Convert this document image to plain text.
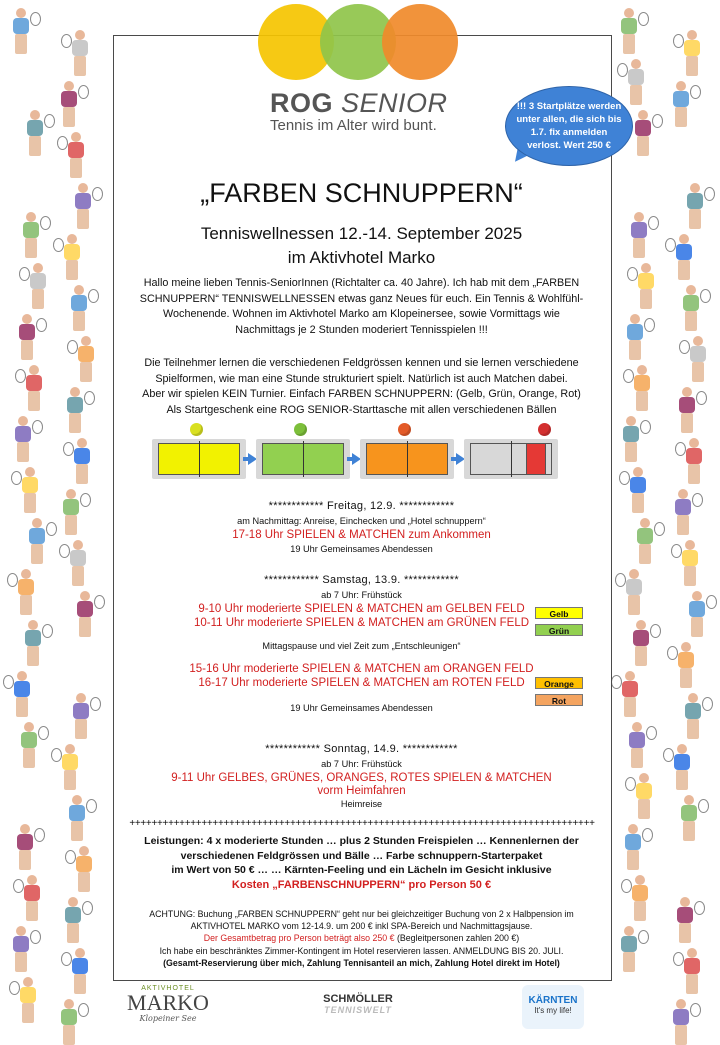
ROG SENIOR
Tennis im Alter wird bunt.
!!! 3 Startplätze werden unter allen, die sich bis 1.7. fix anmelden verlost. Wert 250 €
„FARBEN SCHNUPPERN“
Tenniswellnessen 12.-14. September 2025
im Aktivhotel Marko
Hallo meine lieben Tennis-SeniorInnen (Richtalter ca. 40 Jahre). Ich hab mit dem „FARBEN
SCHNUPPERN“ TENNISWELLNESSEN etwas ganz Neues für euch. Ein Tennis & Wohlfühl-
Wochenende. Wohnen im Aktivhotel Marko am Klopeinersee, sowie Vormittags wie
Nachmittags je 2 Stunden moderiert Tennisspielen !!!
Die Teilnehmer lernen die verschiedenen Feldgrössen kennen und sie lernen verschiedene
Spielformen, wie man eine Stunde strukturiert spielt. Natürlich ist auch Matchen dabei.
Aber wir spielen KEIN Turnier. Einfach FARBEN SCHNUPPERN: (Gelb, Grün, Orange, Rot)
Als Startgeschenk eine ROG SENIOR-Starttasche mit allen verschiedenen Bällen
************ Freitag, 12.9. ************
am Nachmittag: Anreise, Einchecken und „Hotel schnuppern“
17-18 Uhr SPIELEN & MATCHEN zum Ankommen
19 Uhr Gemeinsames Abendessen
************ Samstag, 13.9. ************
ab 7 Uhr: Frühstück
9-10 Uhr moderierte SPIELEN & MATCHEN am GELBEN FELD
10-11 Uhr moderierte SPIELEN & MATCHEN am GRÜNEN FELD
Mittagspause und viel Zeit zum „Entschleunigen“
15-16 Uhr moderierte SPIELEN & MATCHEN am ORANGEN FELD
16-17 Uhr moderierte SPIELEN & MATCHEN am ROTEN FELD
19 Uhr Gemeinsames Abendessen
Gelb
Grün
Orange
Rot
************ Sonntag, 14.9. ************
ab 7 Uhr: Frühstück
9-11 Uhr GELBES, GRÜNES, ORANGES, ROTES SPIELEN & MATCHEN
vorm Heimfahren
Heimreise
++++++++++++++++++++++++++++++++++++++++++++++++++++++++++++++++++++++++++++++++++++
Leistungen: 4 x moderierte Stunden … plus 2 Stunden Freispielen … Kennenlernen der
verschiedenen Feldgrössen und Bälle … Farbe schnuppern-Starterpaket
im Wert von 50 € … … Kärnten-Feeling und ein Lächeln im Gesicht inklusive
Kosten „FARBENSCHNUPPERN“ pro Person 50 €
ACHTUNG: Buchung „FARBEN SCHNUPPERN“ geht nur bei gleichzeitiger Buchung von 2 x Halbpension im
AKTIVHOTEL MARKO vom 12-14.9. um 200 € inkl SPA-Bereich und Nachmittagsjause.
Der Gesamtbetrag pro Person beträgt also 250 € (Begleitpersonen zahlen 200 €)
Ich habe ein beschränktes Zimmer-Kontingent im Hotel reservieren lassen. ANMELDUNG BIS 20. JULI.
(Gesamt-Reservierung über mich, Zahlung Tennisanteil an mich, Zahlung Hotel direkt im Hotel)
AKTIVHOTEL
MARKO
Klopeiner See
SCHMÖLLER
TENNISWELT
KÄRNTEN
It's my life!
